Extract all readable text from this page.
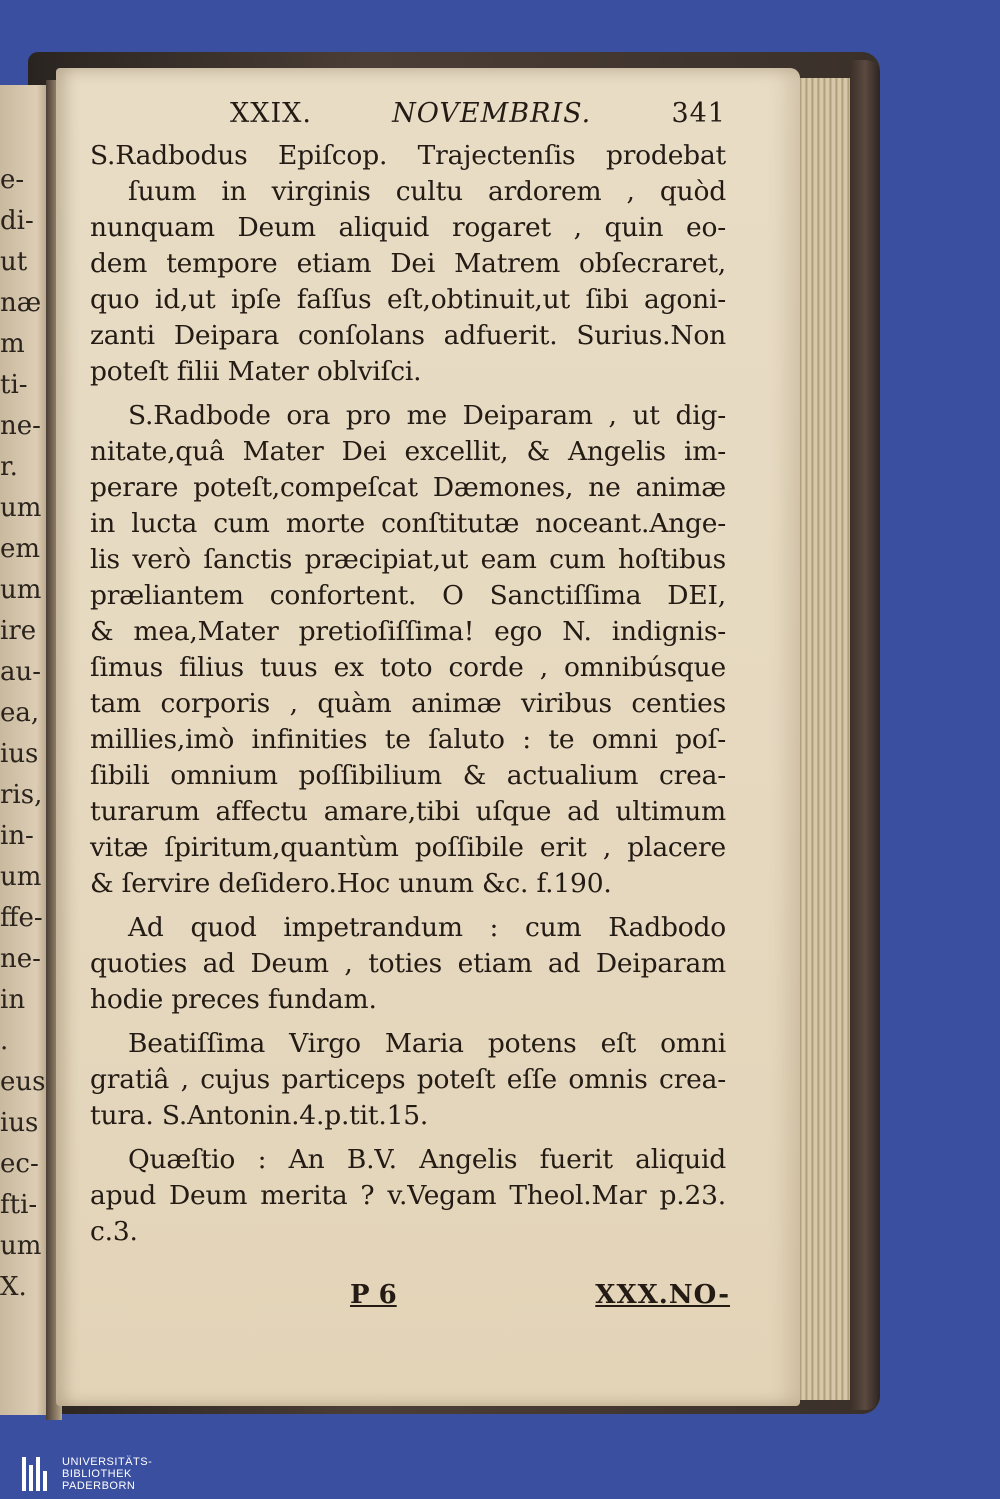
e-
di-
ut
næ
m
ti-
ne-
r.
um
em
um
ire
au-
ea,
ius
ris,
in-
um
ffe-
ne-
in
.
eus
ius
ec-
fti-
um
X.
XXIX.	NOVEMBRIS.	341
S.Radbodus Epiſcop. Trajectenſis prodebat
ſuum in virginis cultu ardorem , quòd
nunquam Deum aliquid rogaret , quin eo-
dem tempore etiam Dei Matrem obſecraret,
quo id,ut ipſe faſſus eſt,obtinuit,ut ſibi agoni-
zanti Deipara conſolans adfuerit. Surius.Non
poteſt filii Mater oblviſci.
S.Radbode ora pro me Deiparam , ut dig-
nitate,quâ Mater Dei excellit, & Angelis im-
perare poteſt,compeſcat Dæmones, ne animæ
in lucta cum morte conſtitutæ noceant.Ange-
lis verò ſanctis præcipiat,ut eam cum hoſtibus
præliantem confortent. O Sanctiſſima DEI,
& mea,Mater pretioſiſſima! ego N. indignis-
ſimus filius tuus ex toto corde , omnibúsque
tam corporis , quàm animæ viribus centies
millies,imò infinities te ſaluto : te omni poſ-
ſibili omnium poſſibilium & actualium crea-
turarum affectu amare,tibi uſque ad ultimum
vitæ ſpiritum,quantùm poſſibile erit , placere
& ſervire deſidero.Hoc unum &c. f.190.
Ad quod impetrandum : cum Radbodo
quoties ad Deum , toties etiam ad Deiparam
hodie preces fundam.
Beatiſſima Virgo Maria potens eſt omni
gratiâ , cujus particeps poteſt eſſe omnis crea-
tura. S.Antonin.4.p.tit.15.
Quæſtio : An B.V. Angelis fuerit aliquid
apud Deum merita ? v.Vegam Theol.Mar p.23.
c.3.
P 6	XXX.NO-
UNIVERSITÄTS-
BIBLIOTHEK
PADERBORN
